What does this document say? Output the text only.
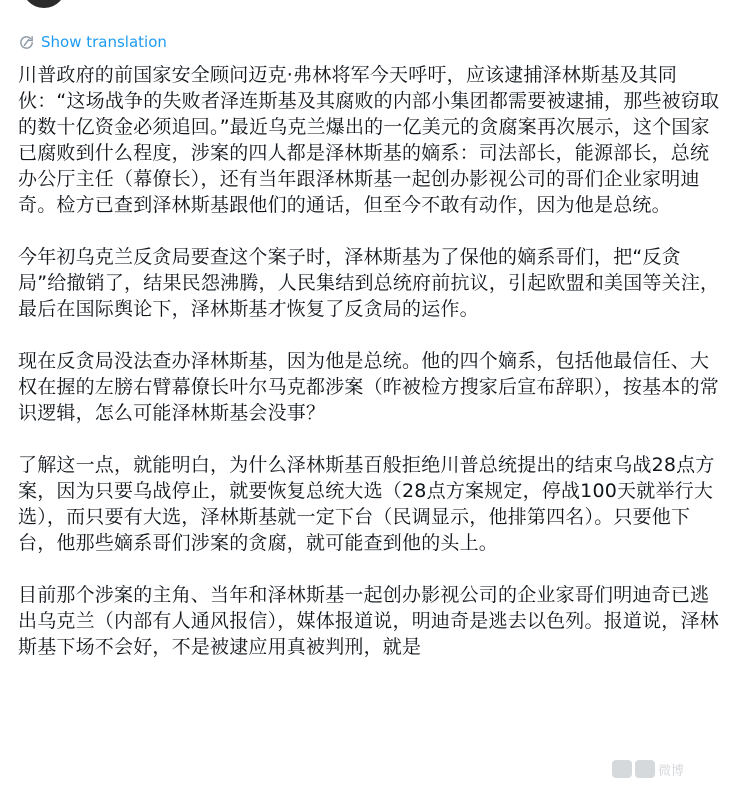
Show translation

川普政府的前国家安全顾问迈克·弗林将军今天呼吁，应该逮捕泽林斯基及其同伙：“这场战争的失败者泽连斯基及其腐败的内部小集团都需要被逮捕，那些被窃取的数十亿资金必须追回。”最近乌克兰爆出的一亿美元的贪腐案再次展示，这个国家已腐败到什么程度，涉案的四人都是泽林斯基的嫡系：司法部长，能源部长，总统办公厅主任（幕僚长），还有当年跟泽林斯基一起创办影视公司的哥们企业家明迪奇。检方已查到泽林斯基跟他们的通话，但至今不敢有动作，因为他是总统。

今年初乌克兰反贪局要查这个案子时，泽林斯基为了保他的嫡系哥们，把“反贪局”给撤销了，结果民怨沸腾，人民集结到总统府前抗议，引起欧盟和美国等关注，最后在国际舆论下，泽林斯基才恢复了反贪局的运作。

现在反贪局没法查办泽林斯基，因为他是总统。他的四个嫡系，包括他最信任、大权在握的左膀右臂幕僚长叶尔马克都涉案（昨被检方搜家后宣布辞职），按基本的常识逻辑，怎么可能泽林斯基会没事？

了解这一点，就能明白，为什么泽林斯基百般拒绝川普总统提出的结束乌战28点方案，因为只要乌战停止，就要恢复总统大选（28点方案规定，停战100天就举行大选），而只要有大选，泽林斯基就一定下台（民调显示，他排第四名）。只要他下台，他那些嫡系哥们涉案的贪腐，就可能查到他的头上。

目前那个涉案的主角、当年和泽林斯基一起创办影视公司的企业家哥们明迪奇已逃出乌克兰（内部有人通风报信），媒体报道说，明迪奇是逃去以色列。报道说，泽林斯基下场不会好，不是被逮应用真被判刑，就是

微博
